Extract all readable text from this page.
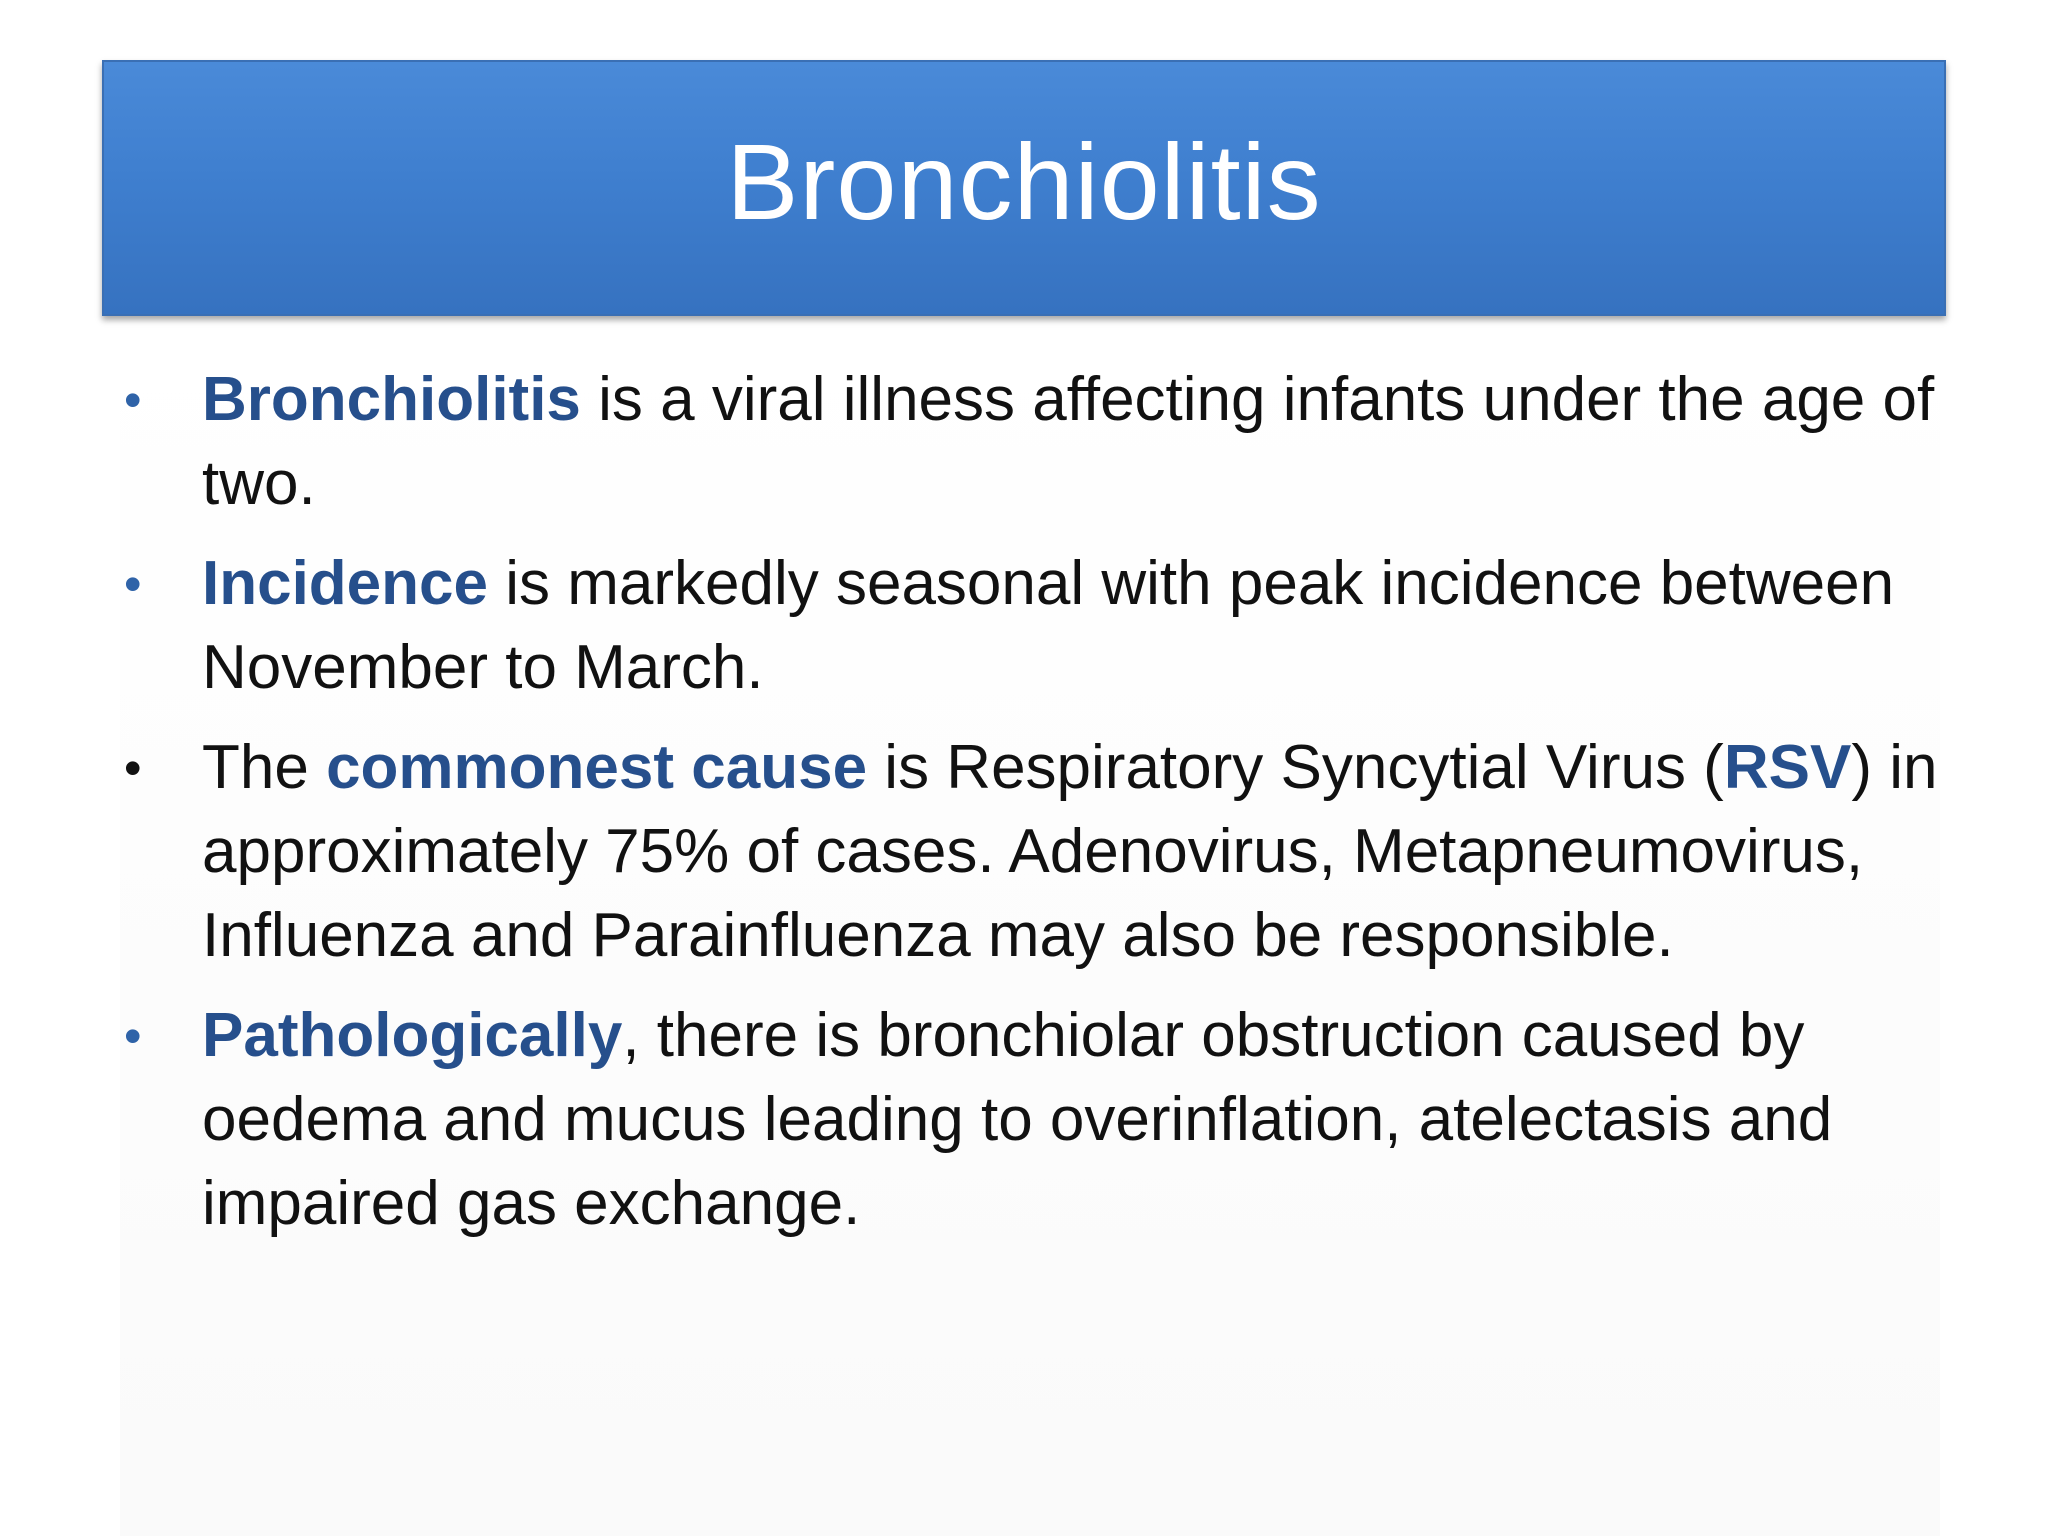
Bronchiolitis
• Bronchiolitis is a viral illness affecting infants under the age of two.
• Incidence is markedly seasonal with peak incidence between November to March.
• The commonest cause is Respiratory Syncytial Virus (RSV) in approximately 75% of cases. Adenovirus, Metapneumovirus, Influenza and Parainfluenza may also be responsible.
• Pathologically, there is bronchiolar obstruction caused by oedema and mucus leading to overinflation, atelectasis and impaired gas exchange.
